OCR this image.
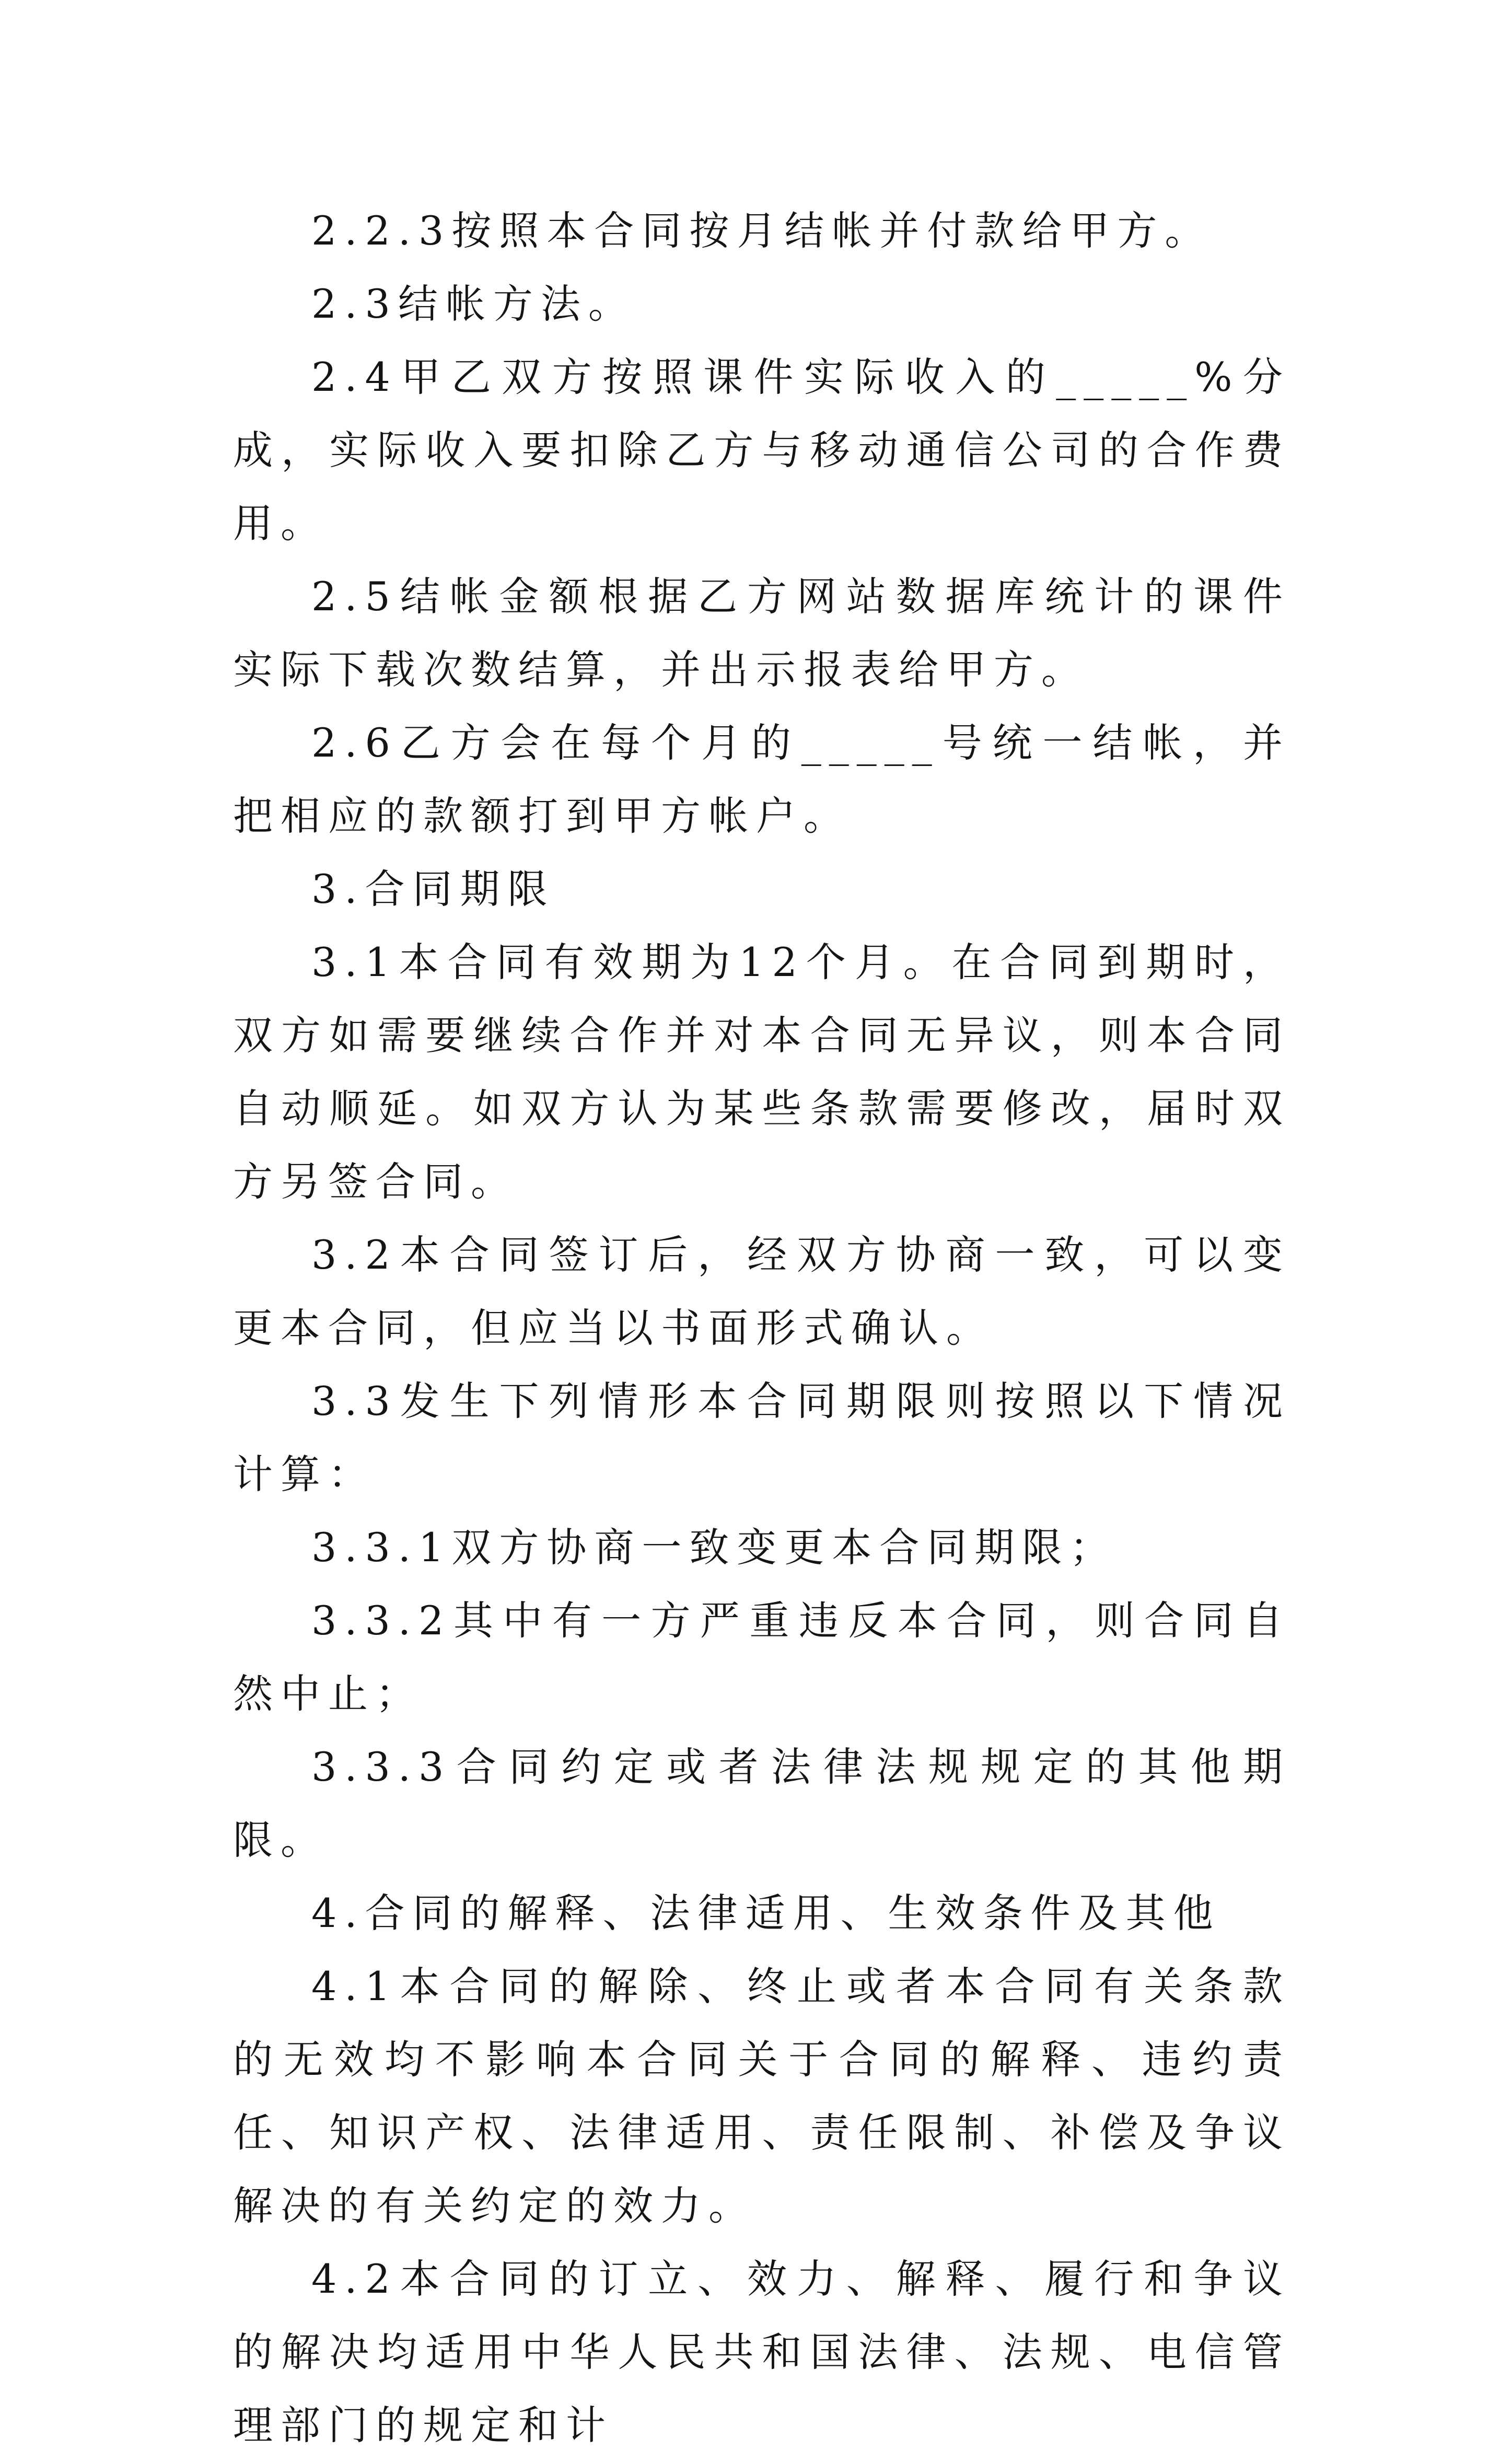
2.2.3按照本合同按月结帐并付款给甲方。

2.3结帐方法。

2.4甲乙双方按照课件实际收入的_____%分成，实际收入要扣除乙方与移动通信公司的合作费用。

2.5结帐金额根据乙方网站数据库统计的课件实际下载次数结算，并出示报表给甲方。

2.6乙方会在每个月的_____号统一结帐，并把相应的款额打到甲方帐户。

3.合同期限

3.1本合同有效期为12个月。在合同到期时，双方如需要继续合作并对本合同无异议，则本合同自动顺延。如双方认为某些条款需要修改，届时双方另签合同。

3.2本合同签订后，经双方协商一致，可以变更本合同，但应当以书面形式确认。

3.3发生下列情形本合同期限则按照以下情况计算：

3.3.1双方协商一致变更本合同期限；

3.3.2其中有一方严重违反本合同，则合同自然中止；

3.3.3合同约定或者法律法规规定的其他期限。

4.合同的解释、法律适用、生效条件及其他

4.1本合同的解除、终止或者本合同有关条款的无效均不影响本合同关于合同的解释、违约责任、知识产权、法律适用、责任限制、补偿及争议解决的有关约定的效力。

4.2本合同的订立、效力、解释、履行和争议的解决均适用中华人民共和国法律、法规、电信管理部门的规定和计
